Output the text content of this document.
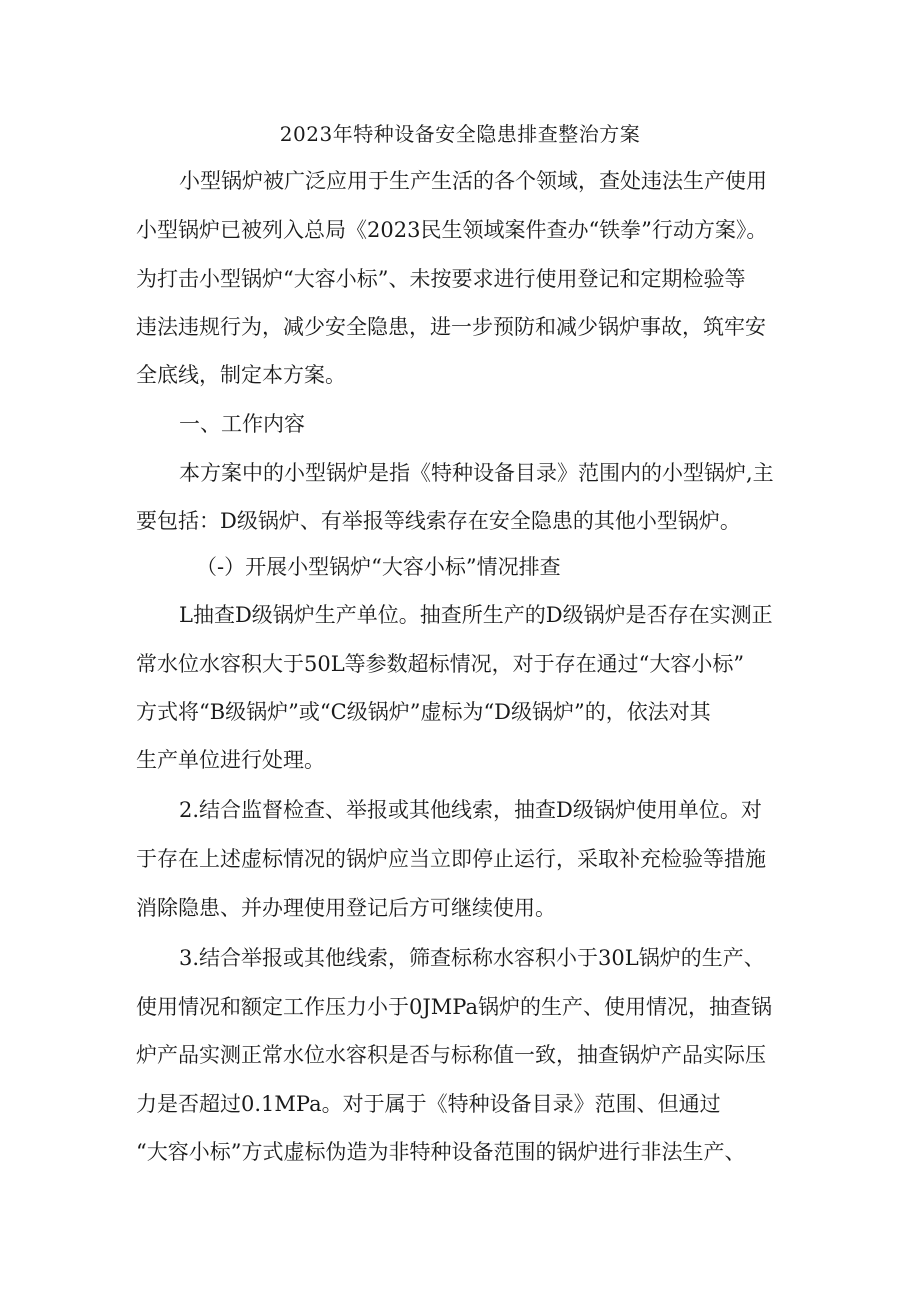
2023年特种设备安全隐患排查整治方案
小型锅炉被广泛应用于生产生活的各个领域，查处违法生产使用
小型锅炉已被列入总局《2023民生领域案件查办“铁拳”行动方案》。
为打击小型锅炉“大容小标”、未按要求进行使用登记和定期检验等
违法违规行为，减少安全隐患，进一步预防和减少锅炉事故，筑牢安
全底线，制定本方案。
一、工作内容
本方案中的小型锅炉是指《特种设备目录》范围内的小型锅炉,主
要包括：D级锅炉、有举报等线索存在安全隐患的其他小型锅炉。
（-）开展小型锅炉“大容小标”情况排查
L抽查D级锅炉生产单位。抽查所生产的D级锅炉是否存在实测正
常水位水容积大于50L等参数超标情况，对于存在通过“大容小标”
方式将“B级锅炉”或“C级锅炉”虚标为“D级锅炉”的，依法对其
生产单位进行处理。
2.结合监督检查、举报或其他线索，抽查D级锅炉使用单位。对
于存在上述虚标情况的锅炉应当立即停止运行，采取补充检验等措施
消除隐患、并办理使用登记后方可继续使用。
3.结合举报或其他线索，筛查标称水容积小于30L锅炉的生产、
使用情况和额定工作压力小于0JMPa锅炉的生产、使用情况，抽查锅
炉产品实测正常水位水容积是否与标称值一致，抽查锅炉产品实际压
力是否超过0.1MPa。对于属于《特种设备目录》范围、但通过
“大容小标”方式虚标伪造为非特种设备范围的锅炉进行非法生产、
